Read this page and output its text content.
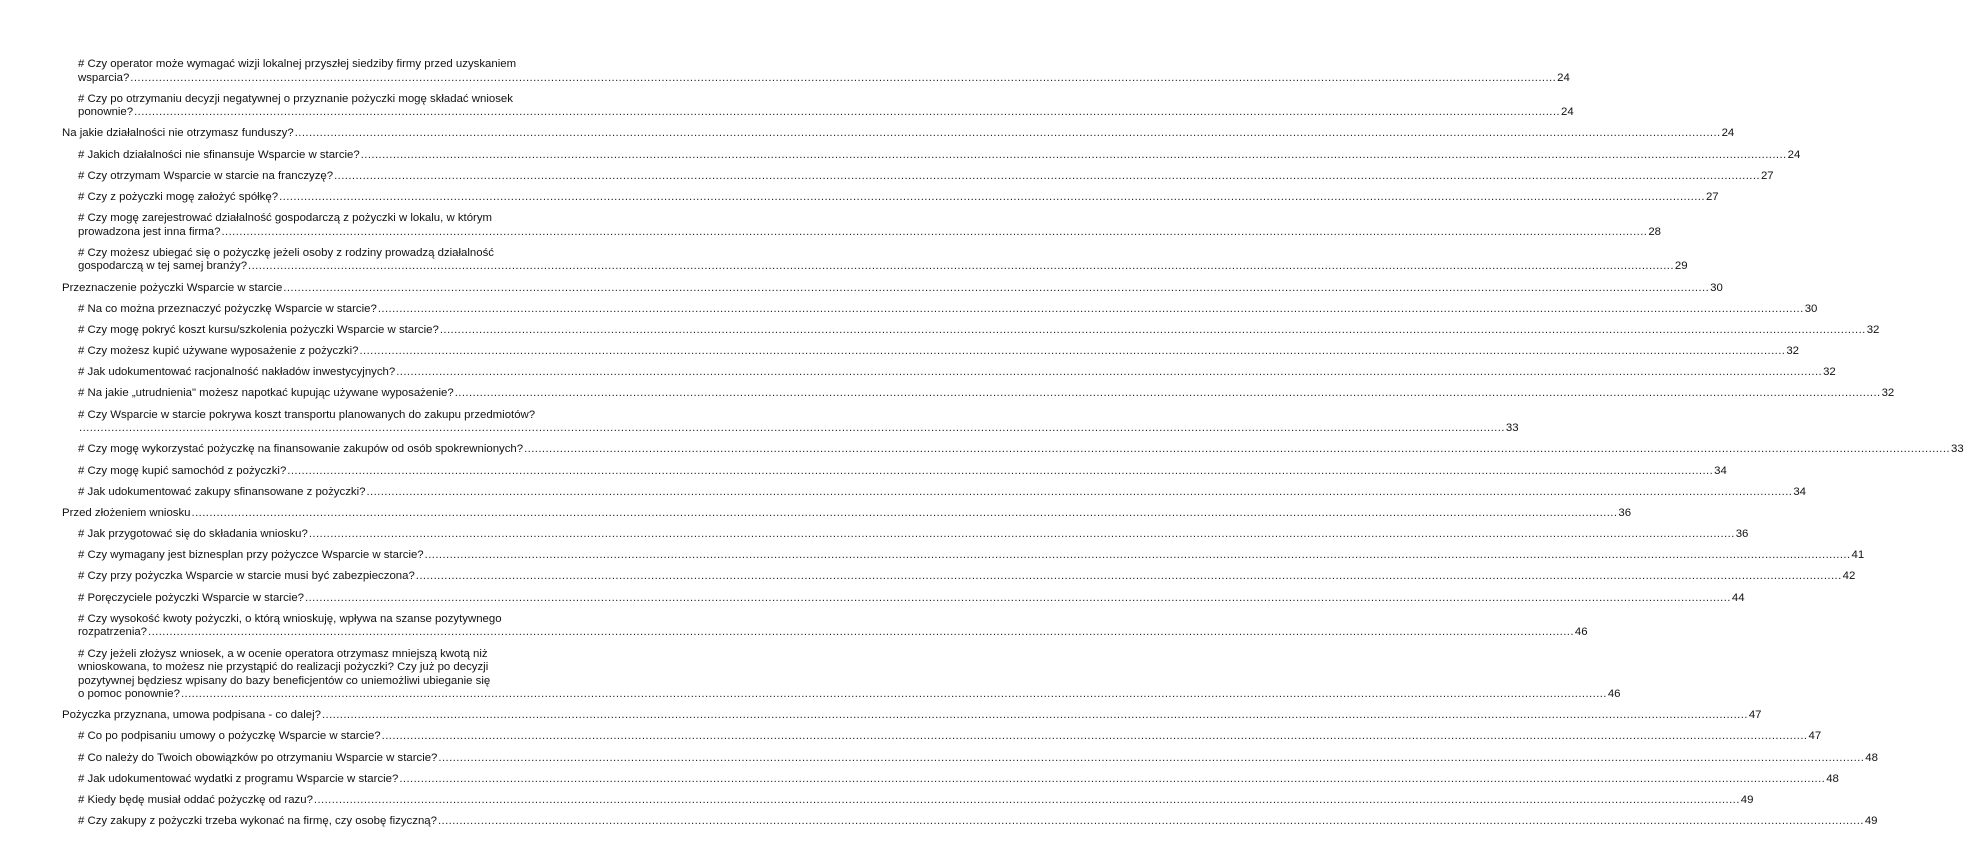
# Czy operator może wymagać wizji lokalnej przyszłej siedziby firmy przed uzyskaniem
wsparcia? ................................................................................................................................................................................................................................................................................................................................................................................................................ 24
# Czy po otrzymaniu decyzji negatywnej o przyznanie pożyczki mogę składać wniosek
ponownie? ................................................................................................................................................................................................................................................................................................................................................................................................................ 24
Na jakie działalności nie otrzymasz funduszy? ................................................................................................................................................................................................................................................................................................................................................................................................................ 24
# Jakich działalności nie sfinansuje Wsparcie w starcie? ................................................................................................................................................................................................................................................................................................................................................................................................................ 24
# Czy otrzymam Wsparcie w starcie na franczyzę? ................................................................................................................................................................................................................................................................................................................................................................................................................ 27
# Czy z pożyczki mogę założyć spółkę? ................................................................................................................................................................................................................................................................................................................................................................................................................ 27
# Czy mogę zarejestrować działalność gospodarczą z pożyczki w lokalu, w którym
prowadzona jest inna firma? ................................................................................................................................................................................................................................................................................................................................................................................................................ 28
# Czy możesz ubiegać się o pożyczkę jeżeli osoby z rodziny prowadzą działalność
gospodarczą w tej samej branży? ................................................................................................................................................................................................................................................................................................................................................................................................................ 29
Przeznaczenie pożyczki Wsparcie w starcie ................................................................................................................................................................................................................................................................................................................................................................................................................ 30
# Na co można przeznaczyć pożyczkę Wsparcie w starcie? ................................................................................................................................................................................................................................................................................................................................................................................................................ 30
# Czy mogę pokryć koszt kursu/szkolenia pożyczki Wsparcie w starcie? ................................................................................................................................................................................................................................................................................................................................................................................................................ 32
# Czy możesz kupić używane wyposażenie z pożyczki? ................................................................................................................................................................................................................................................................................................................................................................................................................ 32
# Jak udokumentować racjonalność nakładów inwestycyjnych? ................................................................................................................................................................................................................................................................................................................................................................................................................ 32
# Na jakie „utrudnienia" możesz napotkać kupując używane wyposażenie? ................................................................................................................................................................................................................................................................................................................................................................................................................ 32
# Czy Wsparcie w starcie pokrywa koszt transportu planowanych do zakupu przedmiotów?
................................................................................................................................................................................................................................................................................................................................................................................................................ 33
# Czy mogę wykorzystać pożyczkę na finansowanie zakupów od osób spokrewnionych? ................................................................................................................................................................................................................................................................................................................................................................................................................ 33
# Czy mogę kupić samochód z pożyczki? ................................................................................................................................................................................................................................................................................................................................................................................................................ 34
# Jak udokumentować zakupy sfinansowane z pożyczki? ................................................................................................................................................................................................................................................................................................................................................................................................................ 34
Przed złożeniem wniosku ................................................................................................................................................................................................................................................................................................................................................................................................................ 36
# Jak przygotować się do składania wniosku? ................................................................................................................................................................................................................................................................................................................................................................................................................ 36
# Czy wymagany jest biznesplan przy pożyczce Wsparcie w starcie? ................................................................................................................................................................................................................................................................................................................................................................................................................ 41
# Czy przy pożyczka Wsparcie w starcie musi być zabezpieczona? ................................................................................................................................................................................................................................................................................................................................................................................................................ 42
# Poręczyciele pożyczki Wsparcie w starcie? ................................................................................................................................................................................................................................................................................................................................................................................................................ 44
# Czy wysokość kwoty pożyczki, o którą wnioskuję, wpływa na szanse pozytywnego
rozpatrzenia? ................................................................................................................................................................................................................................................................................................................................................................................................................ 46
# Czy jeżeli złożysz wniosek, a w ocenie operatora otrzymasz mniejszą kwotą niż
wnioskowana, to możesz nie przystąpić do realizacji pożyczki? Czy już po decyzji
pozytywnej będziesz wpisany do bazy beneficjentów co uniemożliwi ubieganie się
o pomoc ponownie? ................................................................................................................................................................................................................................................................................................................................................................................................................ 46
Pożyczka przyznana, umowa podpisana - co dalej? ................................................................................................................................................................................................................................................................................................................................................................................................................ 47
# Co po podpisaniu umowy o pożyczkę Wsparcie w starcie? ................................................................................................................................................................................................................................................................................................................................................................................................................ 47
# Co należy do Twoich obowiązków po otrzymaniu Wsparcie w starcie? ................................................................................................................................................................................................................................................................................................................................................................................................................ 48
# Jak udokumentować wydatki z programu Wsparcie w starcie? ................................................................................................................................................................................................................................................................................................................................................................................................................ 48
# Kiedy będę musiał oddać pożyczkę od razu? ................................................................................................................................................................................................................................................................................................................................................................................................................ 49
# Czy zakupy z pożyczki trzeba wykonać na firmę, czy osobę fizyczną? ................................................................................................................................................................................................................................................................................................................................................................................................................ 49
